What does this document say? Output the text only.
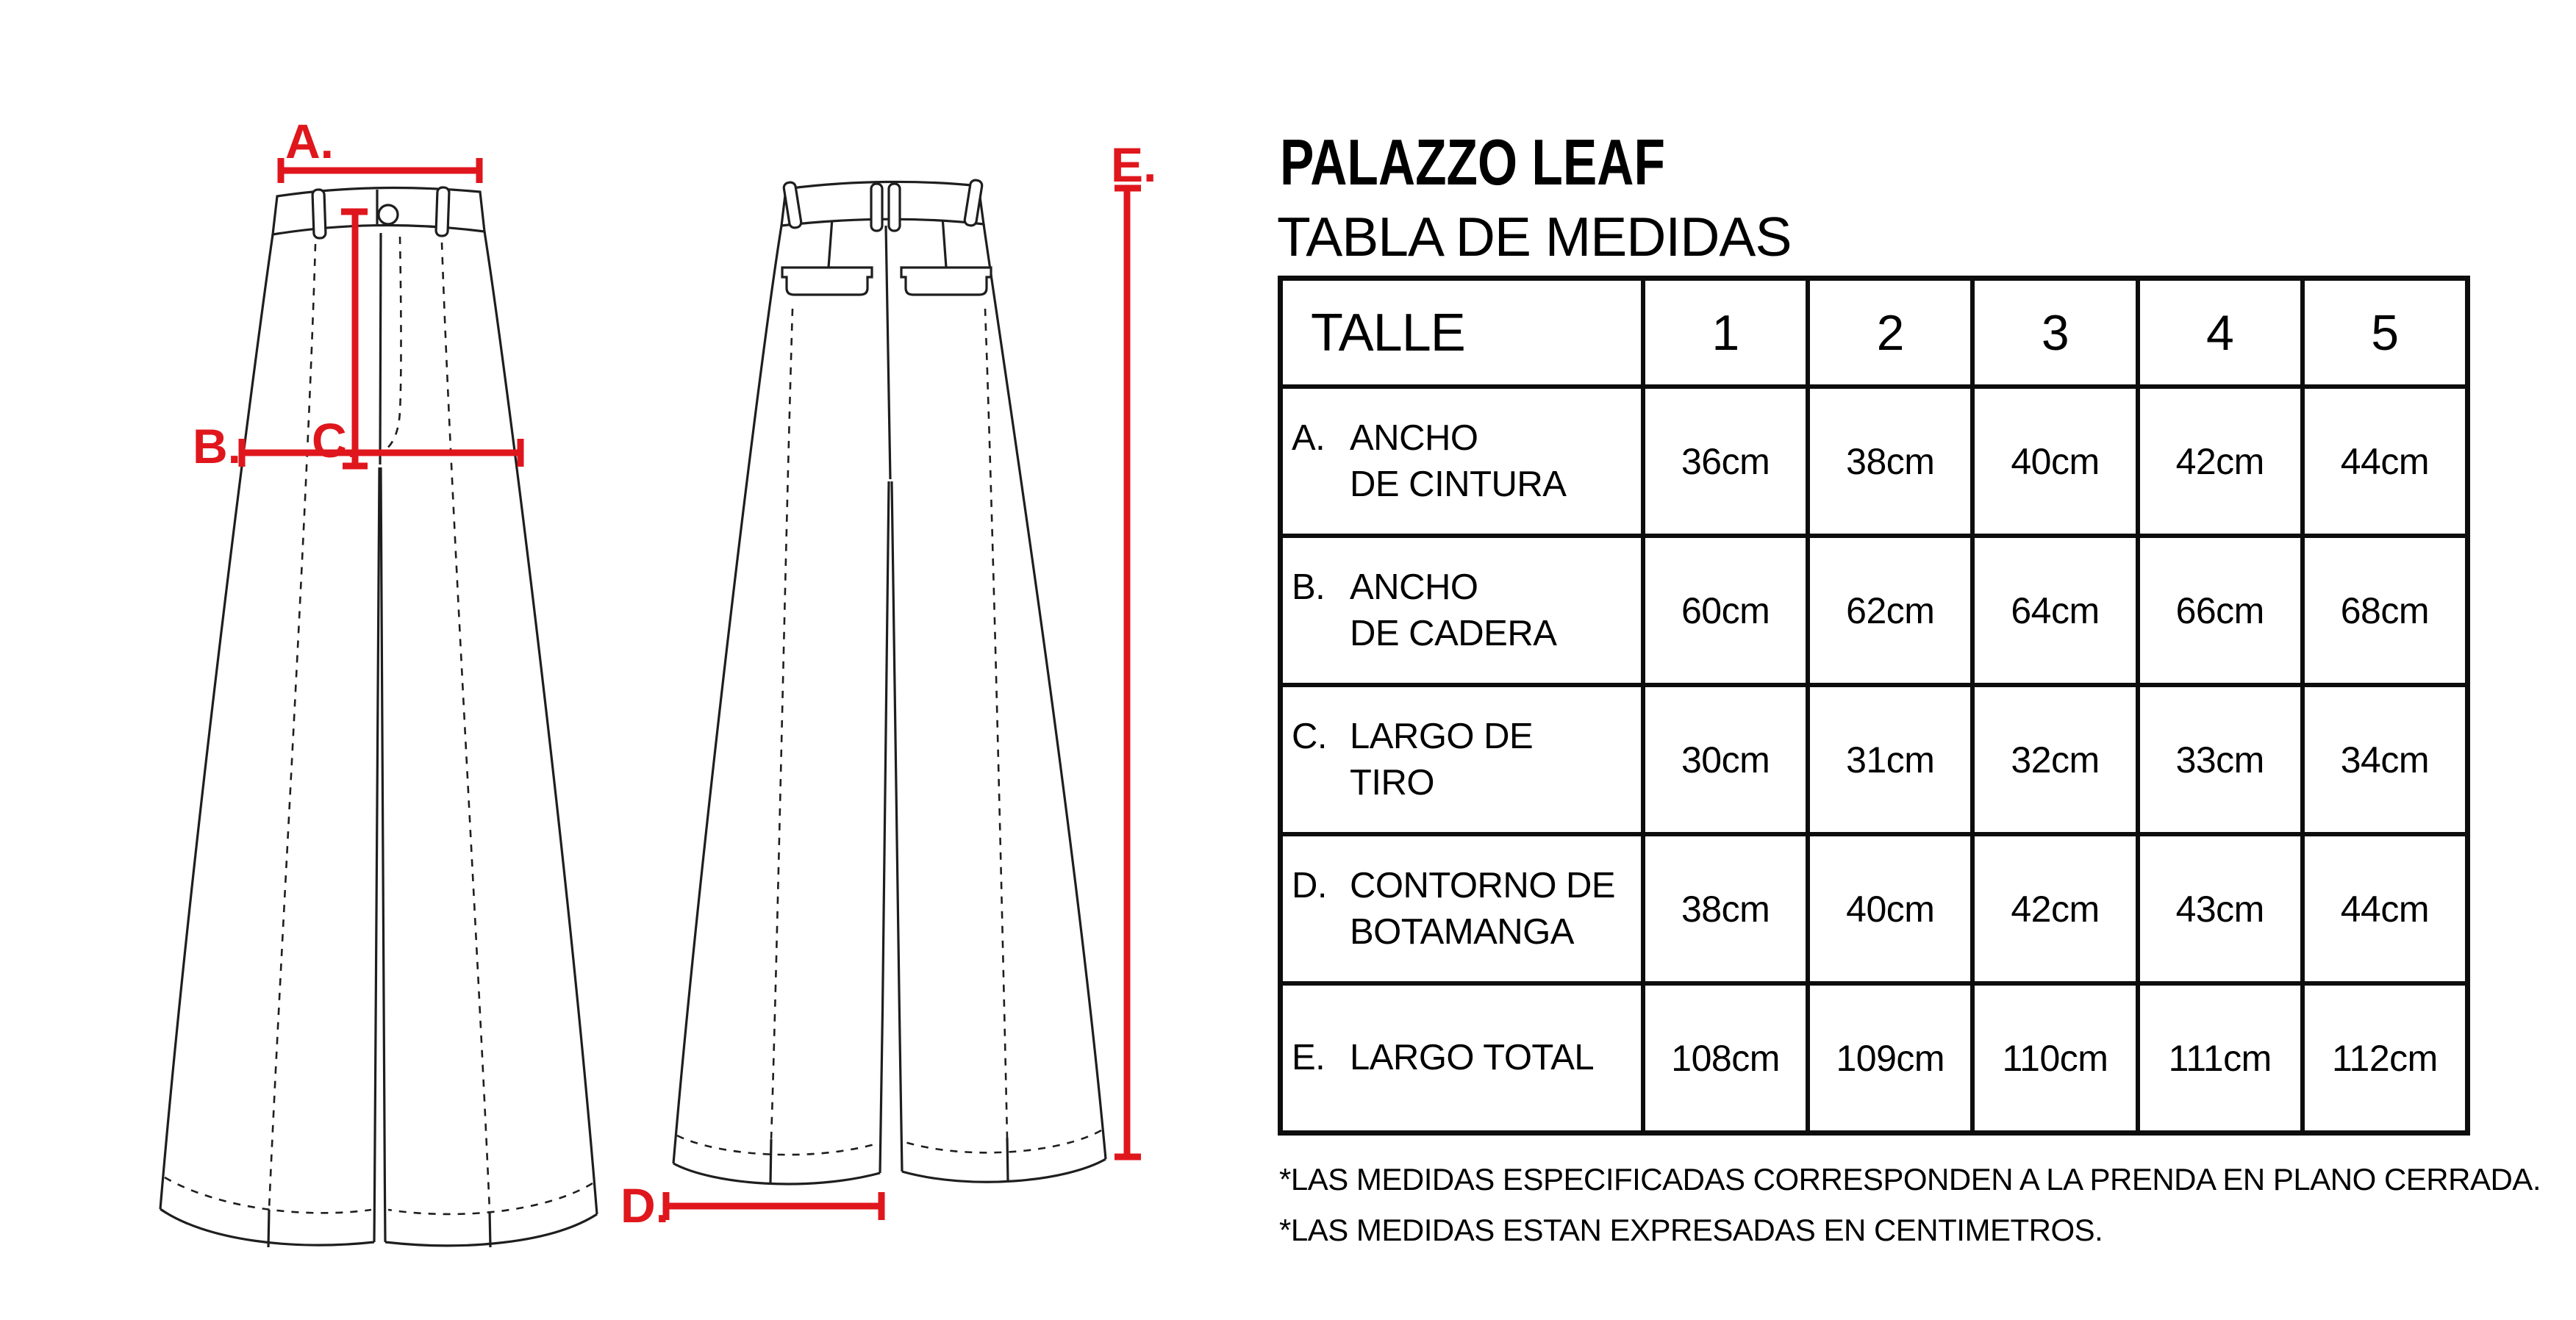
A.
C.
B.
D.
E. PALAZZO LEAF
TABLA DE MEDIDAS
TALLE	1	2	3	4	5
A. ANCHO
DE CINTURA
36cm	38cm	40cm	42cm	44cm
B. ANCHO
DE CADERA
60cm	62cm	64cm	66cm	68cm
C. LARGO DE
TIRO
30cm	31cm	32cm	33cm	34cm
D. CONTORNO DE
BOTAMANGA
38cm	40cm	42cm	43cm	44cm
E. LARGO TOTAL	108cm	109cm	110cm	111cm	112cm
*LAS MEDIDAS ESPECIFICADAS CORRESPONDEN A LA PRENDA EN PLANO CERRADA.
*LAS MEDIDAS ESTAN EXPRESADAS EN CENTIMETROS.
